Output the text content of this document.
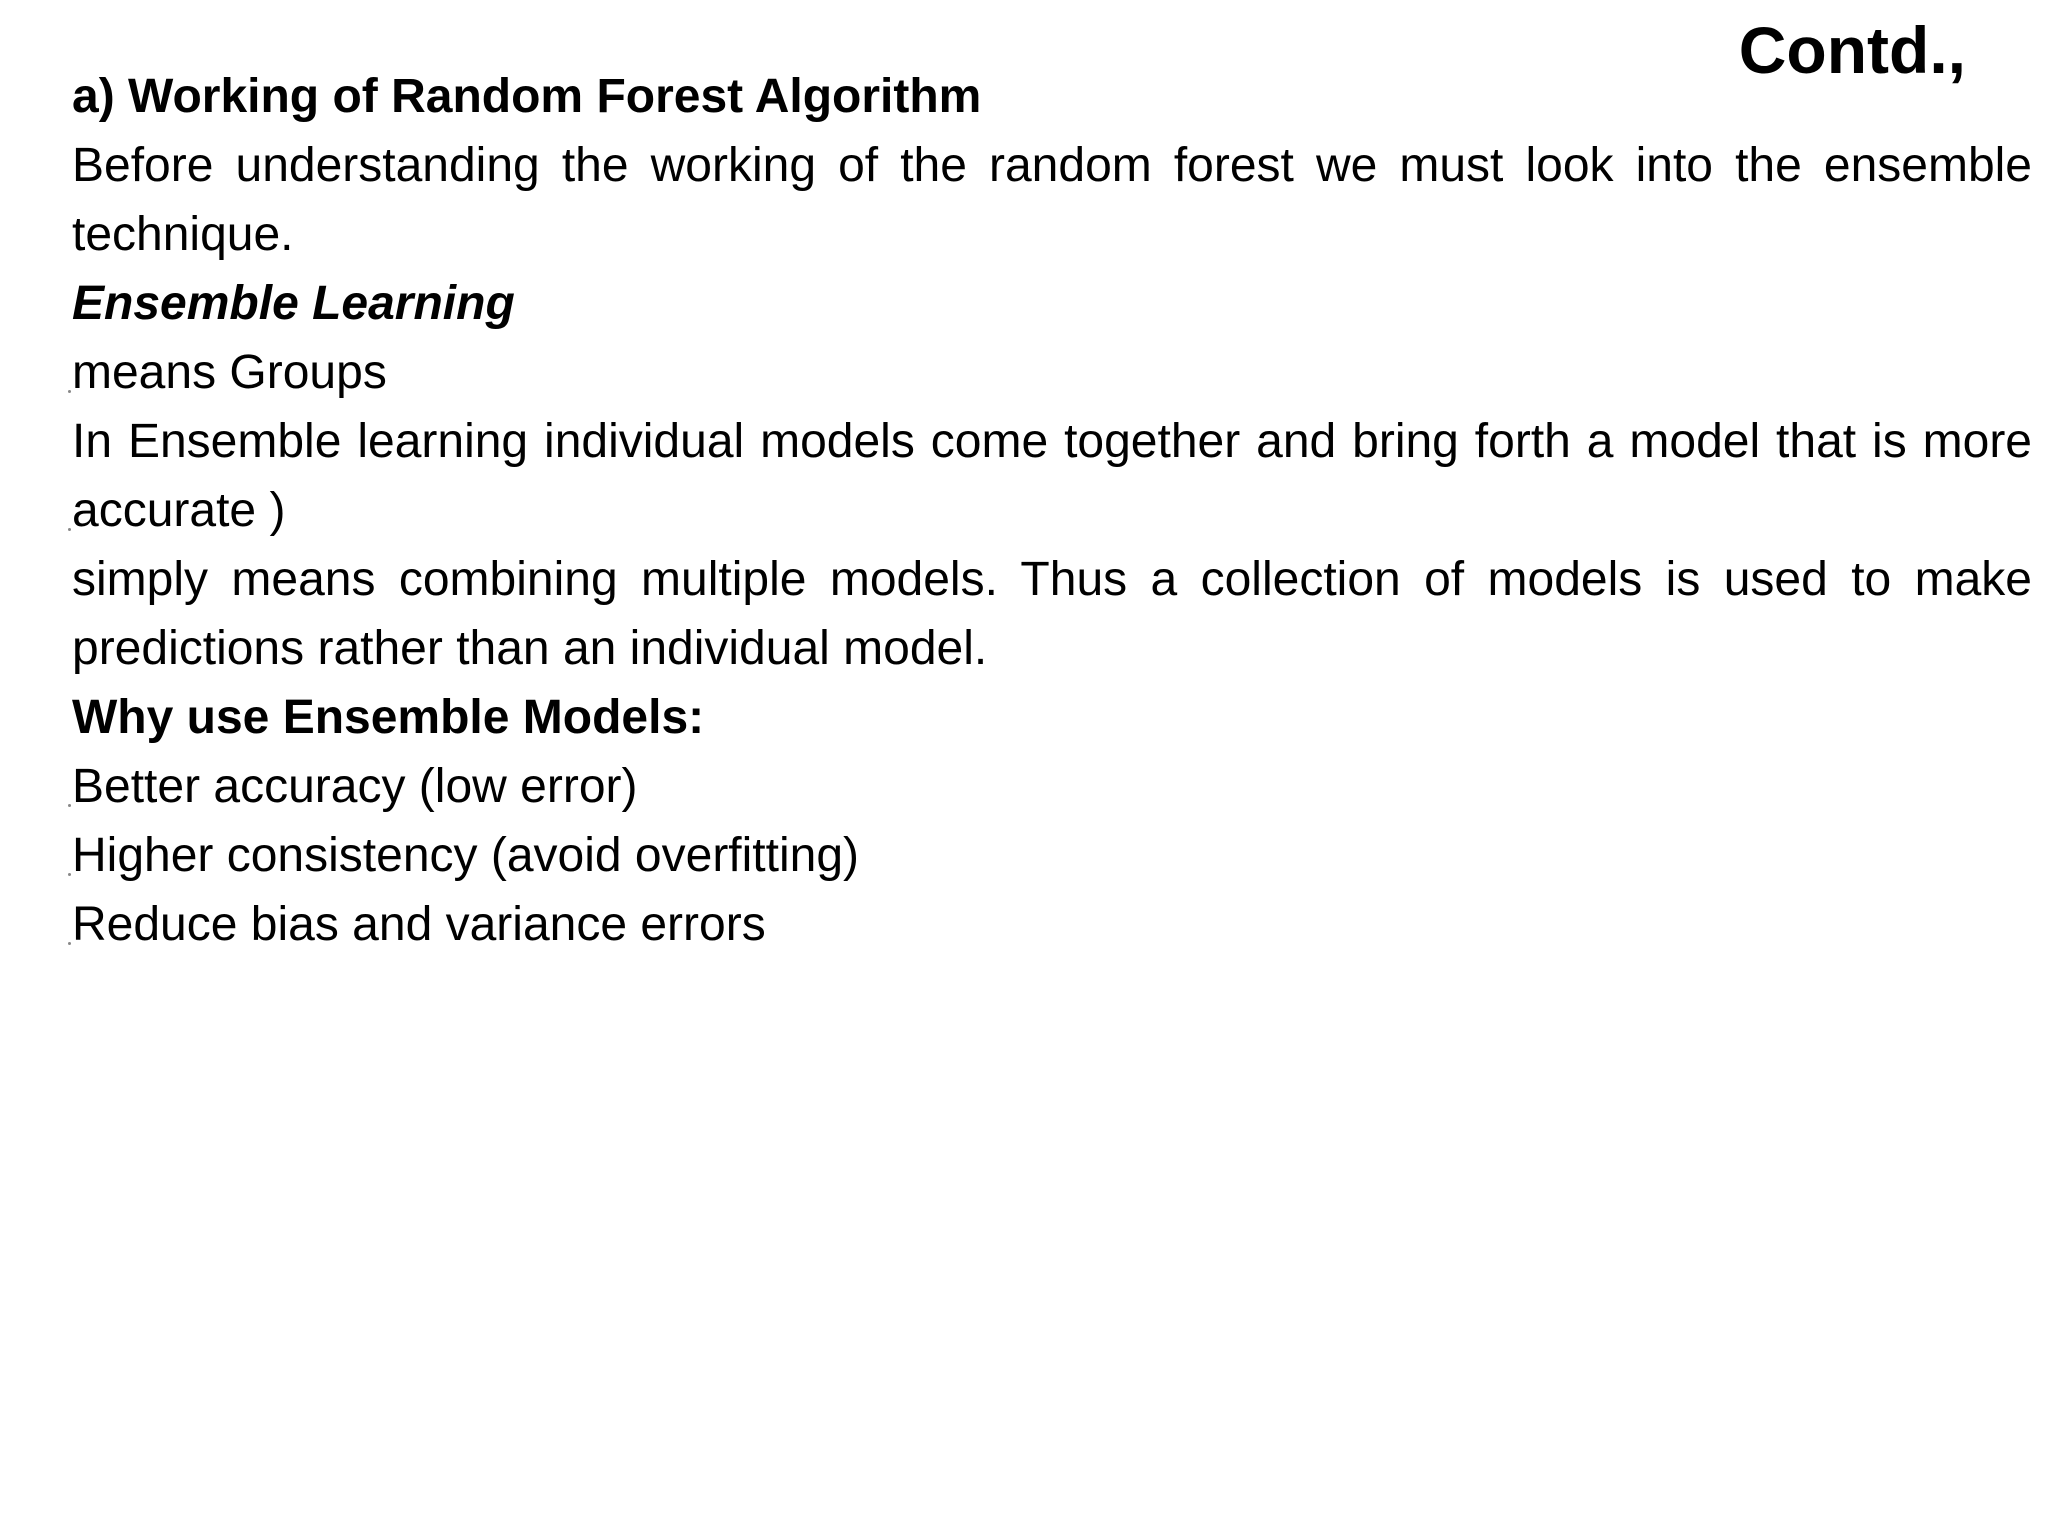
Contd.,

a) Working of Random Forest Algorithm

Before understanding the working of the random forest we must look into the ensemble technique.

Ensemble Learning

means Groups

In Ensemble learning individual models come together and bring forth a model that is more accurate )

simply means combining multiple models. Thus a collection of models is used to make predictions rather than an individual model.

Why use Ensemble Models:

Better accuracy (low error)

Higher consistency (avoid overfitting)

Reduce bias and variance errors
